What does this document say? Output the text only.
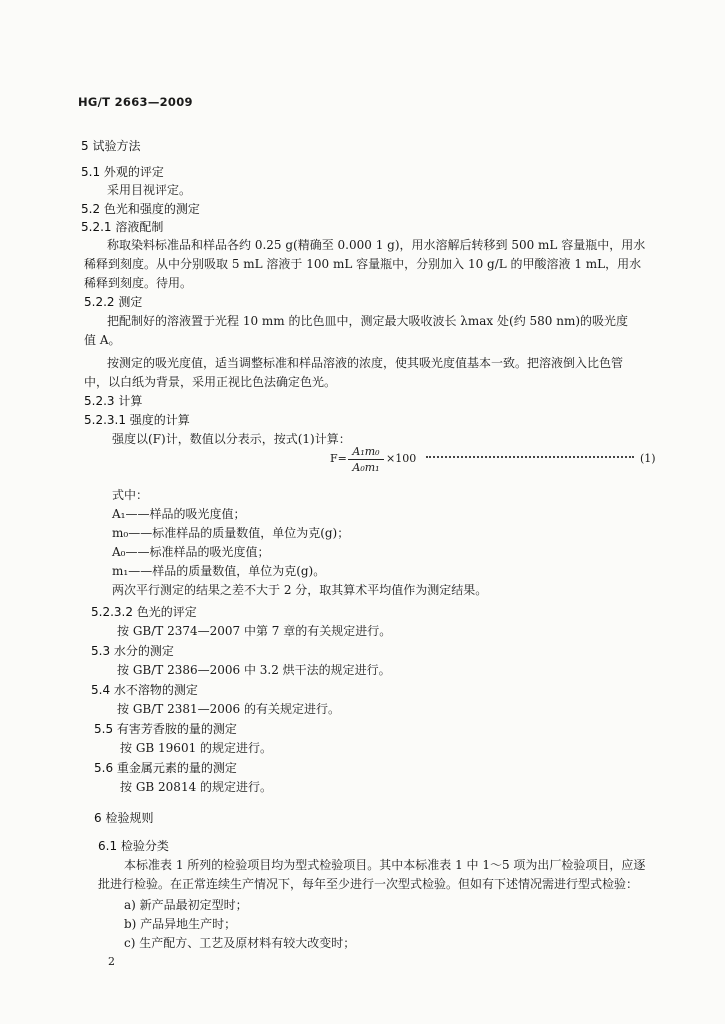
HG/T 2663—2009
5 试验方法
5.1 外观的评定
采用目视评定。
5.2 色光和强度的测定
5.2.1 溶液配制
称取染料标准品和样品各约 0.25 g(精确至 0.000 1 g)，用水溶解后转移到 500 mL 容量瓶中，用水
稀释到刻度。从中分别吸取 5 mL 溶液于 100 mL 容量瓶中，分别加入 10 g/L 的甲酸溶液 1 mL，用水
稀释到刻度。待用。
5.2.2 测定
把配制好的溶液置于光程 10 mm 的比色皿中，测定最大吸收波长 λmax 处(约 580 nm)的吸光度
值 A。
按测定的吸光度值，适当调整标准和样品溶液的浓度，使其吸光度值基本一致。把溶液倒入比色管
中，以白纸为背景，采用正视比色法确定色光。
5.2.3 计算
5.2.3.1 强度的计算
强度以(F)计，数值以分表示，按式(1)计算：
$F= \frac{\text{A₁m₀}}{\text{A₀m₁}} \times 100$	(1)
式中：
A₁——样品的吸光度值；
m₀——标准样品的质量数值，单位为克(g)；
A₀——标准样品的吸光度值；
m₁——样品的质量数值，单位为克(g)。
两次平行测定的结果之差不大于 2 分，取其算术平均值作为测定结果。
5.2.3.2 色光的评定
按 GB/T 2374—2007 中第 7 章的有关规定进行。
5.3 水分的测定
按 GB/T 2386—2006 中 3.2 烘干法的规定进行。
5.4 水不溶物的测定
按 GB/T 2381—2006 的有关规定进行。
5.5 有害芳香胺的量的测定
按 GB 19601 的规定进行。
5.6 重金属元素的量的测定
按 GB 20814 的规定进行。
6 检验规则
6.1 检验分类
本标准表 1 所列的检验项目均为型式检验项目。其中本标准表 1 中 1～5 项为出厂检验项目，应逐
批进行检验。在正常连续生产情况下，每年至少进行一次型式检验。但如有下述情况需进行型式检验：
a) 新产品最初定型时；
b) 产品异地生产时；
c) 生产配方、工艺及原材料有较大改变时；
2
